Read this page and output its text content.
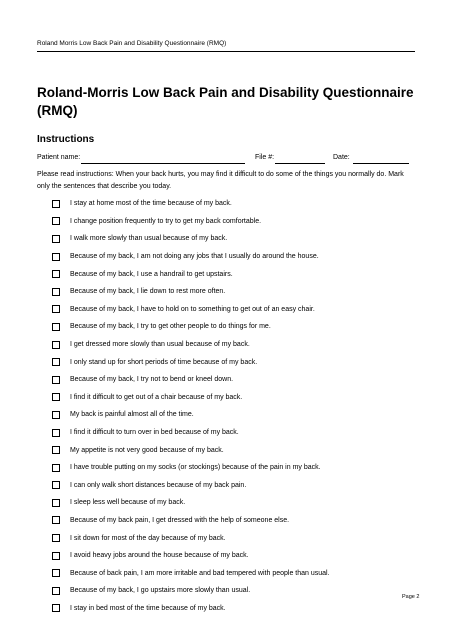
Roland Morris Low Back Pain and Disability Questionnaire (RMQ)
Roland-Morris Low Back Pain and Disability Questionnaire (RMQ)
Instructions
Patient name:	File #:	Date:
Please read instructions: When your back hurts, you may find it difficult to do some of the things you normally do. Mark only the sentences that describe you today.
I stay at home most of the time because of my back.
I change position frequently to try to get my back comfortable.
I walk more slowly than usual because of my back.
Because of my back, I am not doing any jobs that I usually do around the house.
Because of my back, I use a handrail to get upstairs.
Because of my back, I lie down to rest more often.
Because of my back, I have to hold on to something to get out of an easy chair.
Because of my back, I try to get other people to do things for me.
I get dressed more slowly than usual because of my back.
I only stand up for short periods of time because of my back.
Because of my back, I try not to bend or kneel down.
I find it difficult to get out of a chair because of my back.
My back is painful almost all of the time.
I find it difficult to turn over in bed because of my back.
My appetite is not very good because of my back.
I have trouble putting on my socks (or stockings) because of the pain in my back.
I can only walk short distances because of my back pain.
I sleep less well because of my back.
Because of my back pain, I get dressed with the help of someone else.
I sit down for most of the day because of my back.
I avoid heavy jobs around the house because of my back.
Because of back pain, I am more irritable and bad tempered with people than usual.
Because of my back, I go upstairs more slowly than usual.
I stay in bed most of the time because of my back.
Page 2
